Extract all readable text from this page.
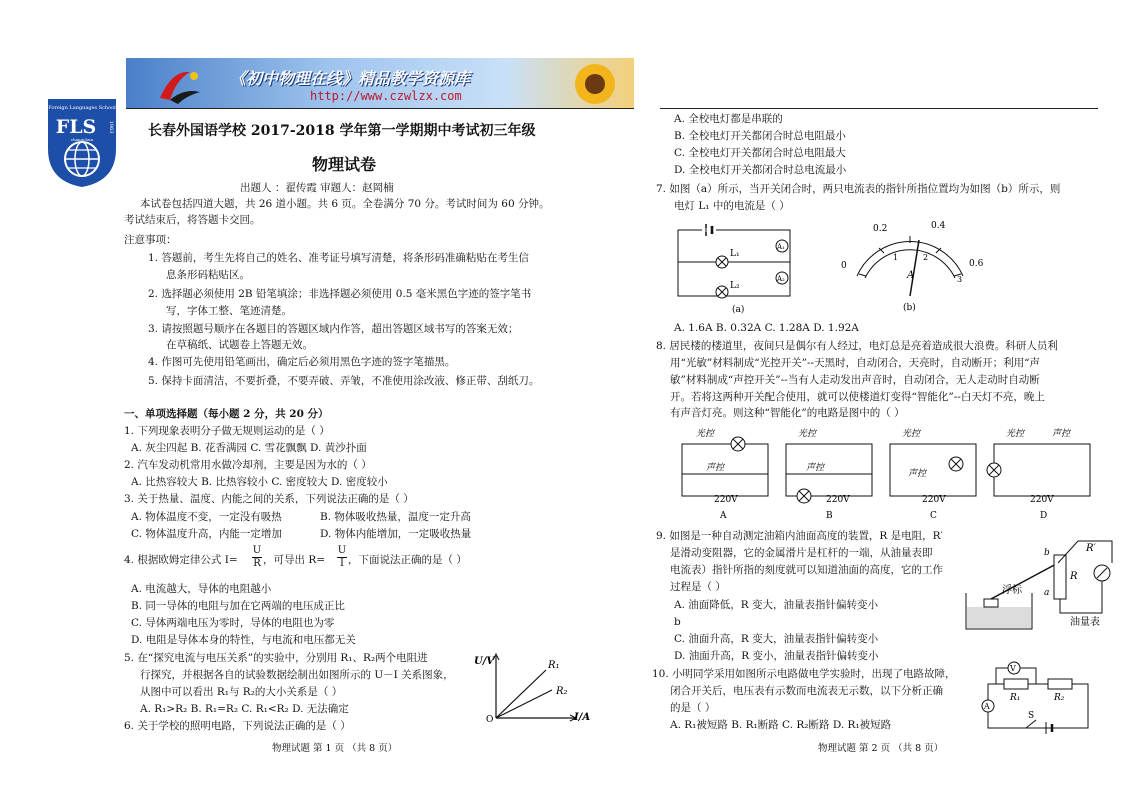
《初中物理在线》精品教学资源库
http://www.czwlzx.com
Foreign Languages School
FLS 1963
changchun
长春外国语学校 2017-2018 学年第一学期期中考试初三年级
物理试卷
出题人 ：翟传霞 审题人：赵岡楠
本试卷包括四道大题，共 26 道小题。共 6 页。全卷满分 70 分。考试时间为 60 分钟。
考试结束后，将答题卡交回。
注意事项：
1. 答题前，考生先将自己的姓名、准考证号填写清楚，将条形码准确粘贴在考生信
息条形码粘贴区。
2. 选择题必须使用 2B 铅笔填涂；非选择题必须使用 0.5 毫米黑色字迹的签字笔书
写，字体工整、笔迹清楚。
3. 请按照题号顺序在各题目的答题区域内作答，超出答题区域书写的答案无效；
在草稿纸、试题卷上答题无效。
4. 作图可先使用铅笔画出，确定后必须用黑色字迹的签字笔描黑。
5. 保持卡面清洁，不要折叠，不要弄破、弄皱，不准使用涂改液、修正带、刮纸刀。
一、单项选择题（每小题 2 分，共 20 分）
1. 下列现象表明分子做无规则运动的是（ ）
A. 灰尘四起 B. 花香满园 C. 雪花飘飘 D. 黄沙扑面
2. 汽车发动机常用水做冷却剂，主要是因为水的（ ）
A. 比热容较大 B. 比热容较小 C. 密度较大 D. 密度较小
3. 关于热量、温度、内能之间的关系，下列说法正确的是（ ）
A. 物体温度不变，一定没有吸热	B. 物体吸收热量，温度一定升高
C. 物体温度升高，内能一定增加	D. 物体内能增加，一定吸收热量
4. 根据欧姆定律公式 I=
U
R ，可导出 R=
U
I ，下面说法正确的是（ ）
A. 电流越大，导体的电阻越小
B. 同一导体的电阻与加在它两端的电压成正比
C. 导体两端电压为零时，导体的电阻也为零
D. 电阻是导体本身的特性，与电流和电压都无关
5. 在“探究电流与电压关系”的实验中，分别用 R₁、R₂两个电阻进
行探究，并根据各自的试验数据绘制出如图所示的 U－I 关系图象，
从图中可以看出 R₁与 R₂的大小关系是（ ）
A. R₁>R₂ B. R₁=R₂ C. R₁<R₂ D. 无法确定
U/V
I/A
O
R₁
R₂
6. 关于学校的照明电路，下列说法正确的是（ ）
物理试题 第 1 页 （共 8 页）
A. 全校电灯都是串联的
B. 全校电灯开关都闭合时总电阻最小
C. 全校电灯开关都闭合时总电阻最大
D. 全校电灯开关都闭合时总电流最小
7. 如图（a）所示，当开关闭合时，两只电流表的指针所指位置均为如图（b）所示，则
电灯 L₁ 中的电流是（ ）
L₁
L₂
A₁
A₂
(a)
0
0.2	0.4
0.6
1	2
3
A
(b)
A. 1.6A B. 0.32A C. 1.28A D. 1.92A
8. 居民楼的楼道里，夜间只是偶尔有人经过，电灯总是亮着造成很大浪费。科研人员利
用“光敏”材料制成“光控开关”--天黑时，自动闭合，天亮时，自动断开；利用“声
敏”材料制成“声控开关”--当有人走动发出声音时，自动闭合，无人走动时自动断
开。若将这两种开关配合使用，就可以使楼道灯变得“智能化”--白天灯不亮，晚上
有声音灯亮。则这种“智能化”的电路是图中的（ ）
光控
声控
220V
A
光控
声控
220V
B
光控
声控
220V
C
光控	声控
220V
D
9. 如图是一种自动测定油箱内油面高度的装置，R 是电阻，R′
是滑动变阻器，它的金属滑片是杠杆的一端，从油量表即
电流表）指针所指的刻度就可以知道油面的高度，它的工作
过程是（ ）
A. 油面降低，R 变大，油量表指针偏转变小
b
C. 油面升高，R 变大，油量表指针偏转变小
D. 油面升高，R 变小，油量表指针偏转变小
浮标
油量表
R
R′
b
a
10. 小明同学采用如图所示电路做电学实验时，出现了电路故障，
闭合开关后，电压表有示数而电流表无示数，以下分析正确
的是（ ）
A. R₁被短路 B. R₁断路 C. R₂断路 D. R₁被短路
V
A
R₁	R₂
S
物理试题 第 2 页 （共 8 页）
